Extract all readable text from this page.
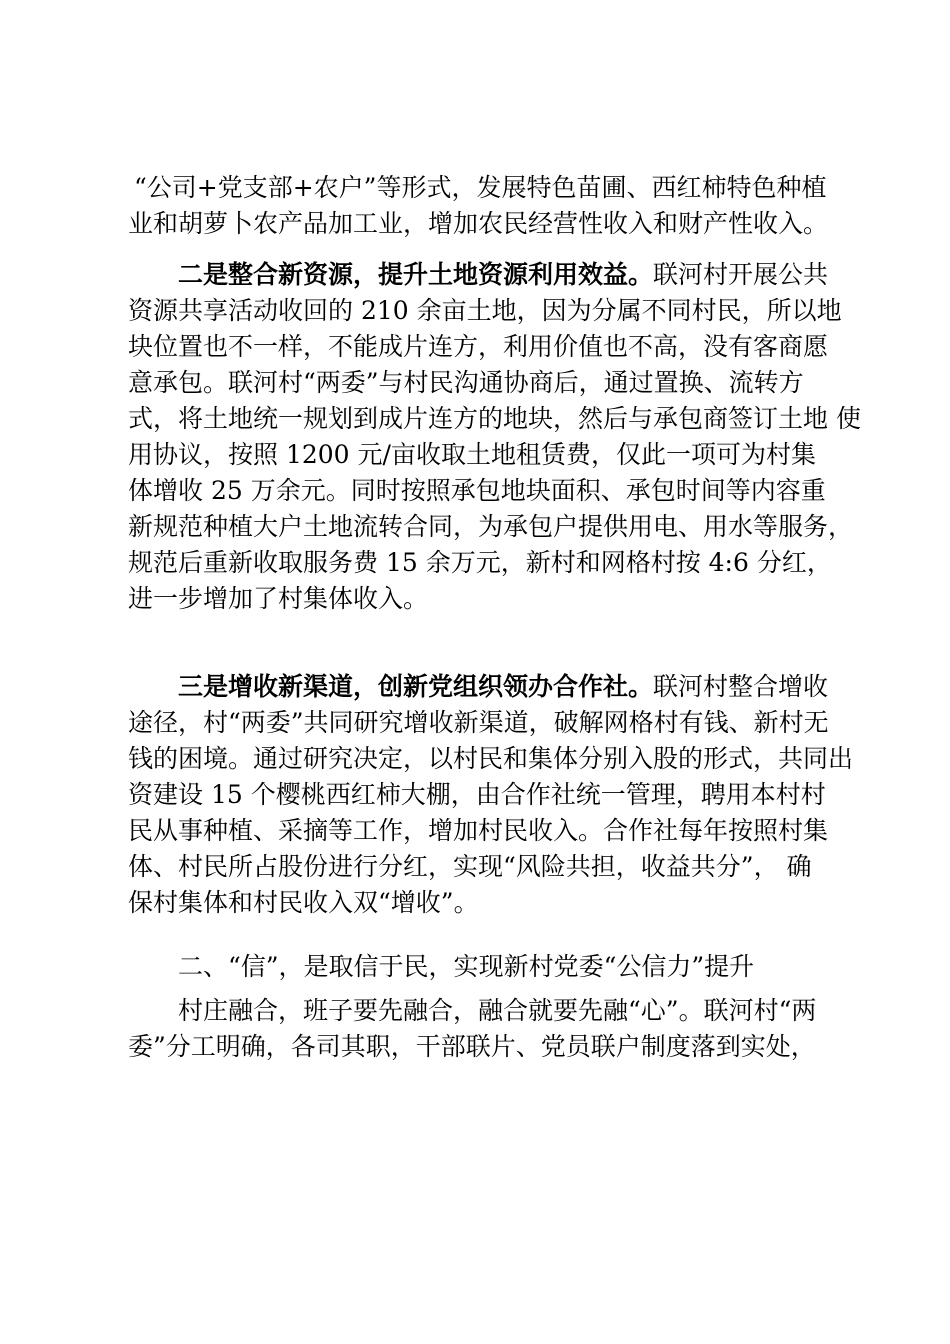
“公司+党支部+农户”等形式，发展特色苗圃、西红柿特色种植
业和胡萝卜农产品加工业，增加农民经营性收入和财产性收入。
二是整合新资源，提升土地资源利用效益。联河村开展公共
资源共享活动收回的 210 余亩土地，因为分属不同村民，所以地
块位置也不一样，不能成片连方，利用价值也不高，没有客商愿
意承包。联河村“两委”与村民沟通协商后，通过置换、流转方
式，将土地统一规划到成片连方的地块，然后与承包商签订土地 使
用协议，按照 1200 元/亩收取土地租赁费，仅此一项可为村集
体增收 25 万余元。同时按照承包地块面积、承包时间等内容重
新规范种植大户土地流转合同，为承包户提供用电、用水等服务，
规范后重新收取服务费 15 余万元，新村和网格村按 4:6 分红，
进一步增加了村集体收入。
三是增收新渠道，创新党组织领办合作社。联河村整合增收
途径，村“两委”共同研究增收新渠道，破解网格村有钱、新村无
钱的困境。通过研究决定，以村民和集体分别入股的形式，共同出
资建设 15 个樱桃西红柿大棚，由合作社统一管理，聘用本村村
民从事种植、采摘等工作，增加村民收入。合作社每年按照村集
体、村民所占股份进行分红，实现“风险共担，收益共分”， 确
保村集体和村民收入双“增收”。
二、“信”，是取信于民，实现新村党委“公信力”提升
村庄融合，班子要先融合，融合就要先融“心”。联河村“两
委”分工明确，各司其职，干部联片、党员联户制度落到实处，
